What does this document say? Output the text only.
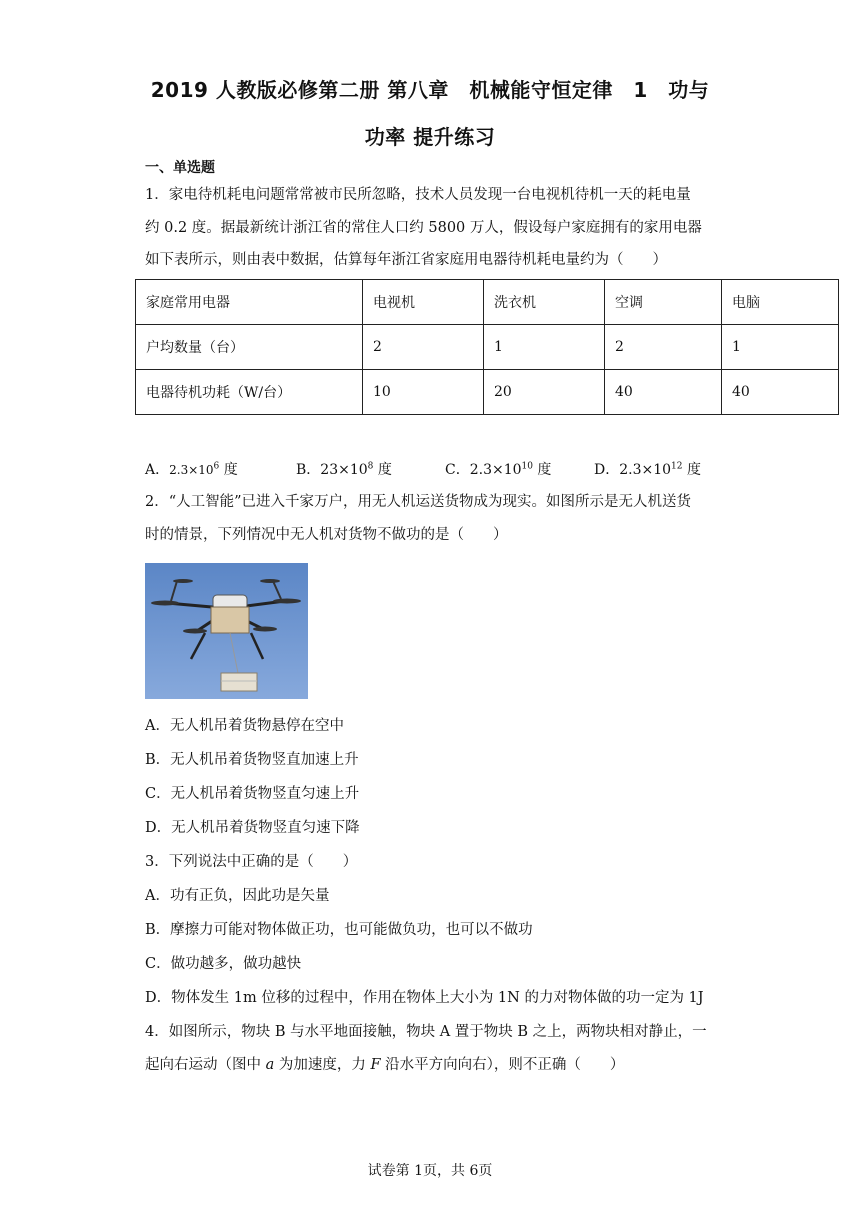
2019 人教版必修第二册 第八章　机械能守恒定律　1　功与
功率 提升练习
一、单选题
1．家电待机耗电问题常常被市民所忽略，技术人员发现一台电视机待机一天的耗电量
约 0.2 度。据最新统计浙江省的常住人口约 5800 万人，假设每户家庭拥有的家用电器
如下表所示，则由表中数据，估算每年浙江省家庭用电器待机耗电量约为（　　）
家庭常用电器	电视机	洗衣机	空调	电脑
户均数量（台）	2	1	2	1
电器待机功耗（W/台）	10	20	40	40
A．$2.3\times 10^6$ 度	B．$23\times 10^8$ 度	C．$2.3\times 10^{10}$ 度	D．$2.3\times 10^{12}$ 度
2．“人工智能”已进入千家万户，用无人机运送货物成为现实。如图所示是无人机送货
时的情景，下列情况中无人机对货物不做功的是（　　）
A．无人机吊着货物悬停在空中
B．无人机吊着货物竖直加速上升
C．无人机吊着货物竖直匀速上升
D．无人机吊着货物竖直匀速下降
3．下列说法中正确的是（　　）
A．功有正负，因此功是矢量
B．摩擦力可能对物体做正功，也可能做负功，也可以不做功
C．做功越多，做功越快
D．物体发生 1m 位移的过程中，作用在物体上大小为 1N 的力对物体做的功一定为 1J
4．如图所示，物块 B 与水平地面接触，物块 A 置于物块 B 之上，两物块相对静止，一
起向右运动（图中 a 为加速度，力 F 沿水平方向向右），则不正确（　　）
试卷第 1页，共 6页
